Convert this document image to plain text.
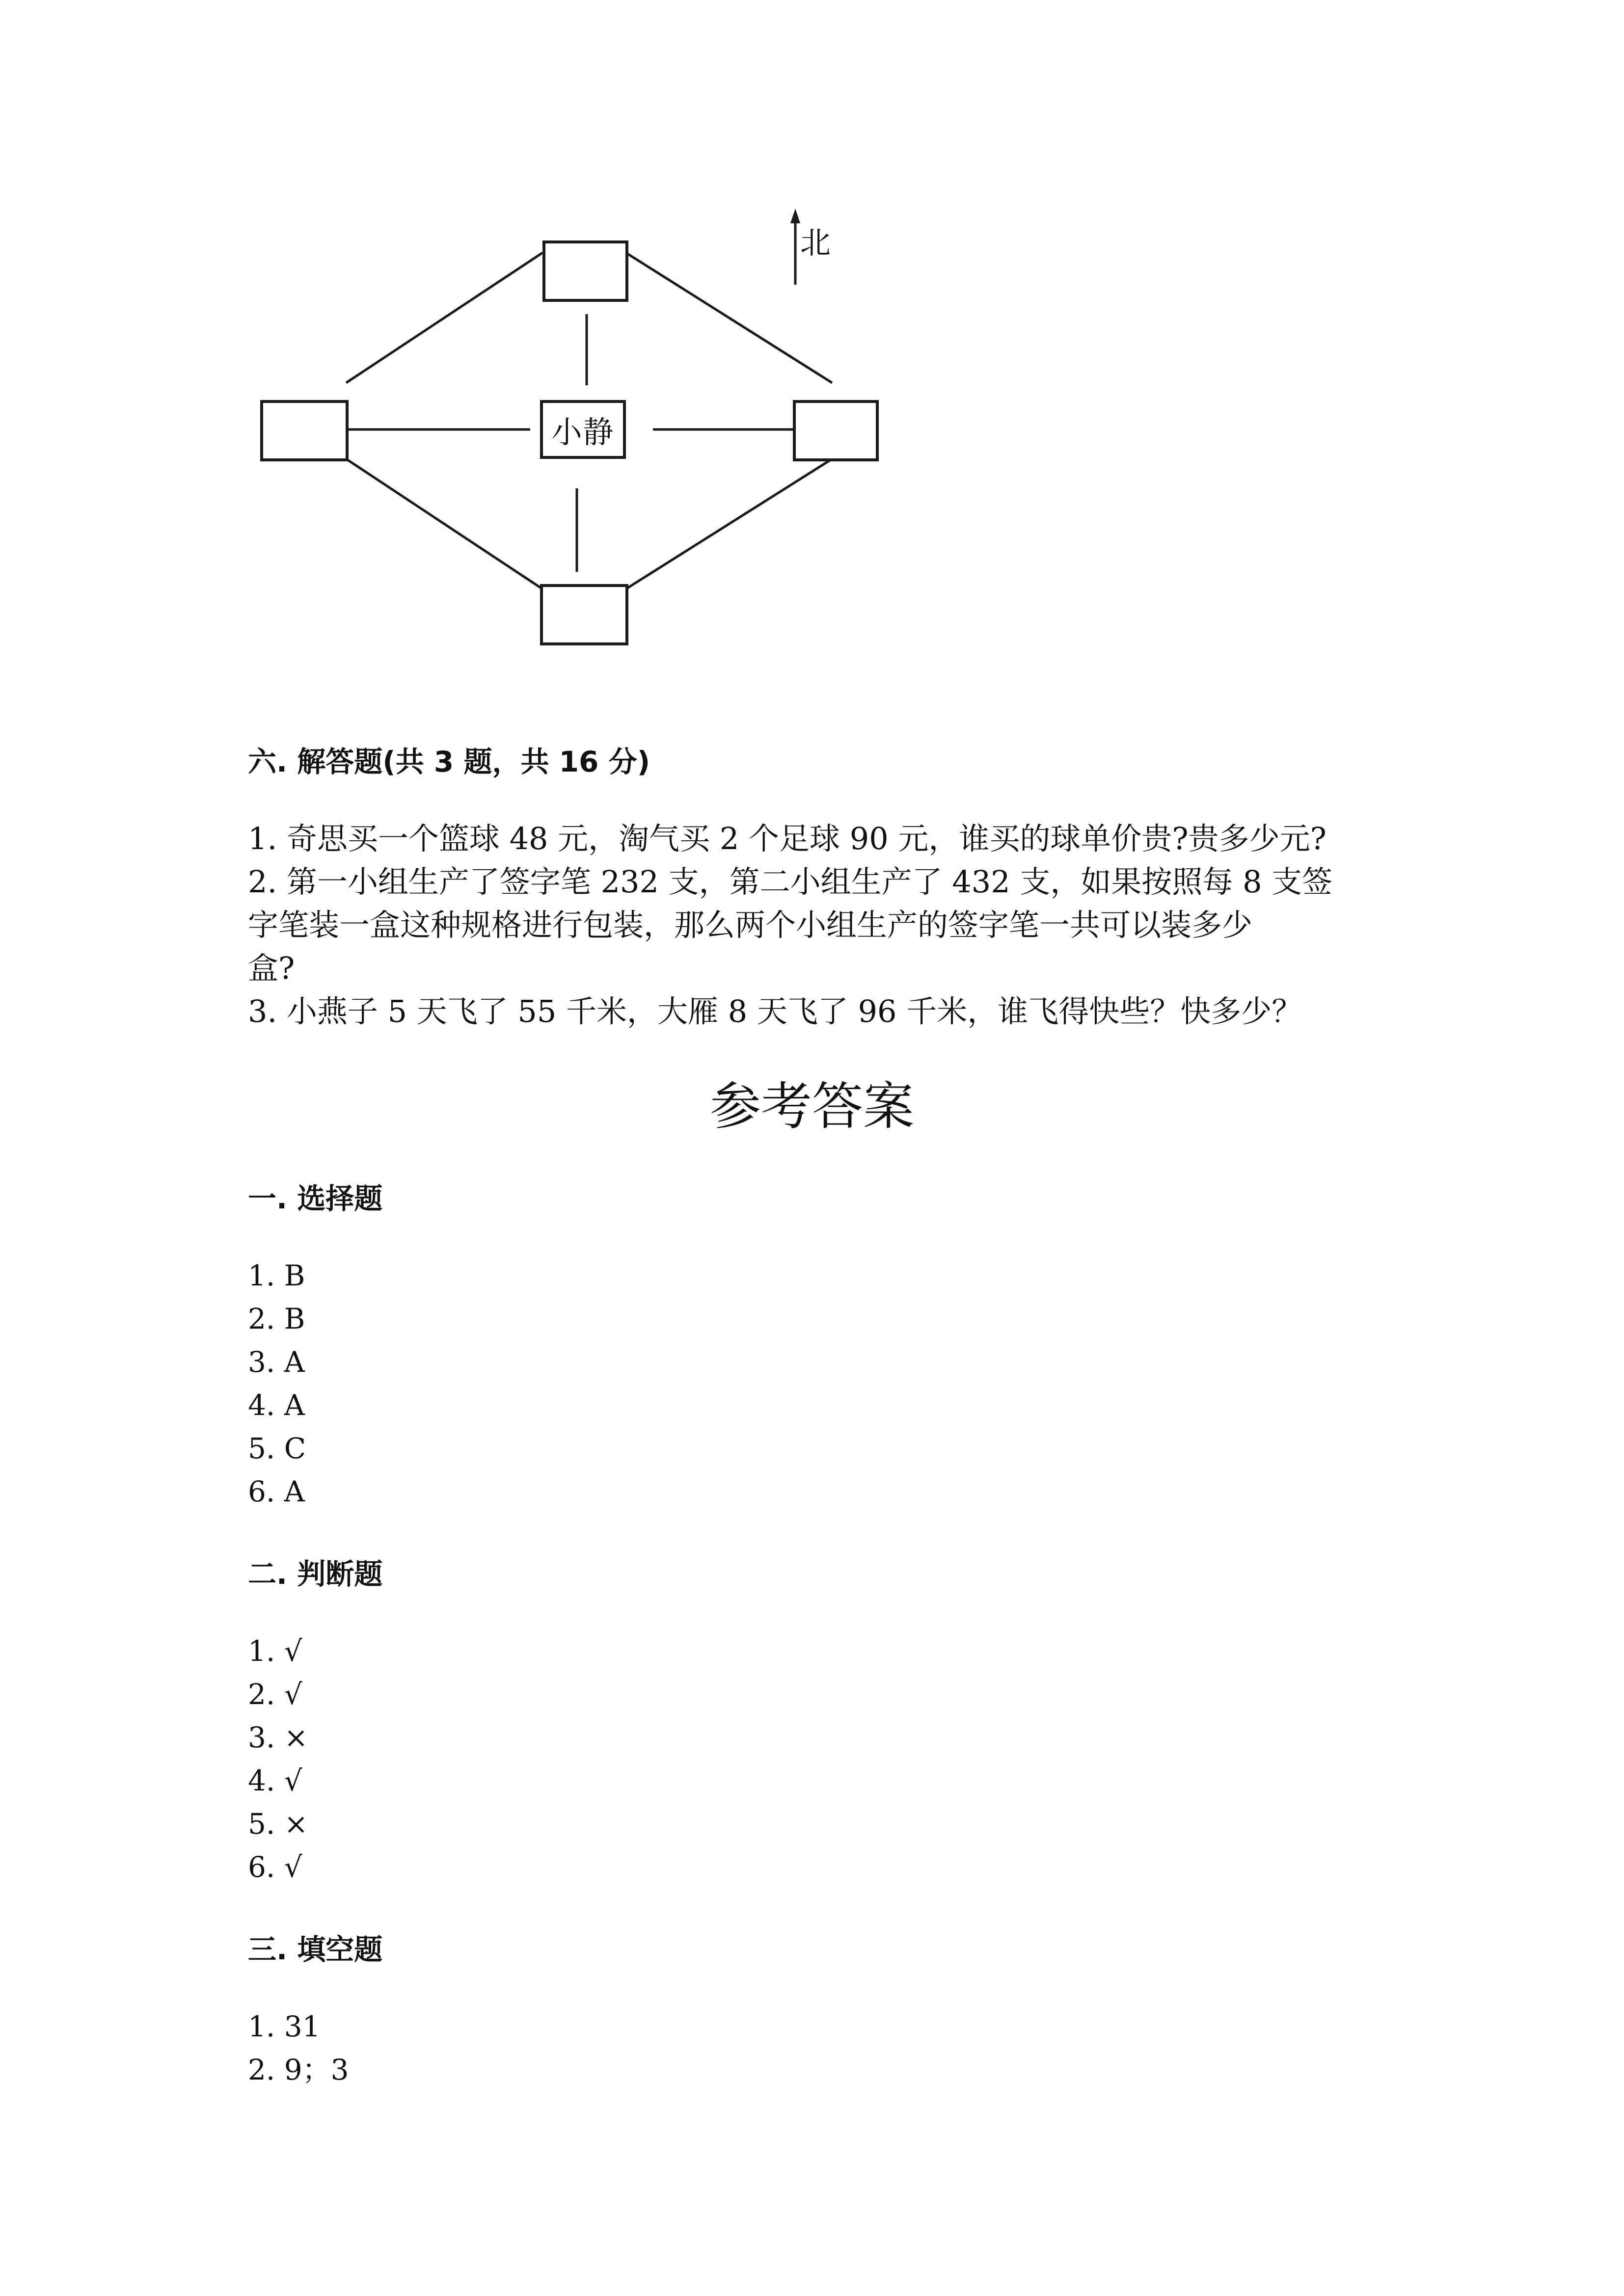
小静
北
六. 解答题(共 3 题，共 16 分)
1. 奇思买一个篮球 48 元，淘气买 2 个足球 90 元，谁买的球单价贵?贵多少元?
2. 第一小组生产了签字笔 232 支，第二小组生产了 432 支，如果按照每 8 支签
字笔装一盒这种规格进行包装，那么两个小组生产的签字笔一共可以装多少
盒?
3. 小燕子 5 天飞了 55 千米，大雁 8 天飞了 96 千米，谁飞得快些？快多少？
参考答案
一. 选择题
1. B
2. B
3. A
4. A
5. C
6. A
二. 判断题
1. √
2. √
3. ×
4. √
5. ×
6. √
三. 填空题
1. 31
2. 9；3
